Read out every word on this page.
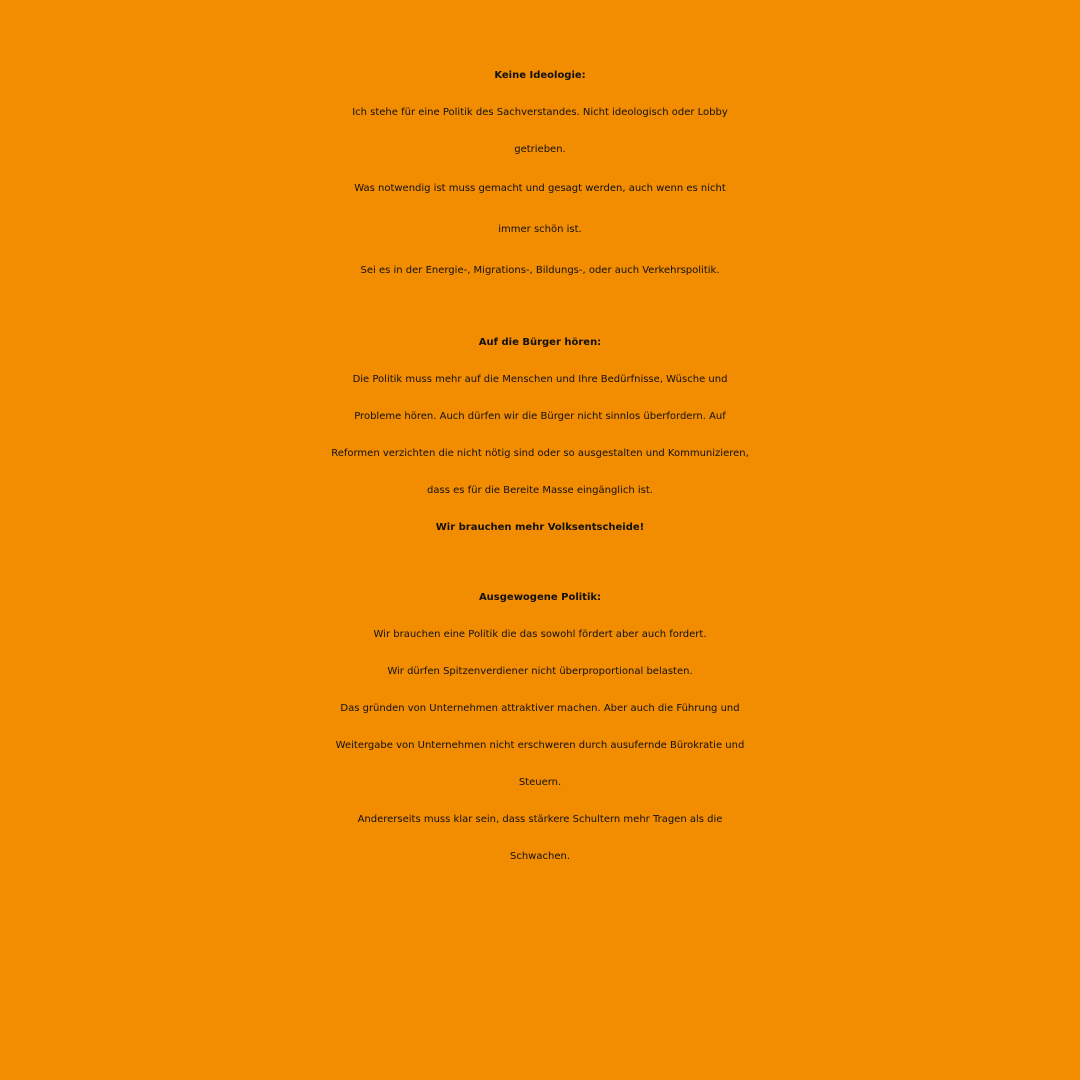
Keine Ideologie:

Ich stehe für eine Politik des Sachverstandes. Nicht ideologisch oder Lobby

getrieben.

Was notwendig ist muss gemacht und gesagt werden, auch wenn es nicht

immer schön ist.

Sei es in der Energie-, Migrations-, Bildungs-, oder auch Verkehrspolitik.

Auf die Bürger hören:

Die Politik muss mehr auf die Menschen und Ihre Bedürfnisse, Wüsche und

Probleme hören. Auch dürfen wir die Bürger nicht sinnlos überfordern. Auf

Reformen verzichten die nicht nötig sind oder so ausgestalten und Kommunizieren,

dass es für die Bereite Masse eingänglich ist.

Wir brauchen mehr Volksentscheide!

Ausgewogene Politik:

Wir brauchen eine Politik die das sowohl fördert aber auch fordert.

Wir dürfen Spitzenverdiener nicht überproportional belasten.

Das gründen von Unternehmen attraktiver machen. Aber auch die Führung und

Weitergabe von Unternehmen nicht erschweren durch ausufernde Bürokratie und

Steuern.

Andererseits muss klar sein, dass stärkere Schultern mehr Tragen als die

Schwachen.
